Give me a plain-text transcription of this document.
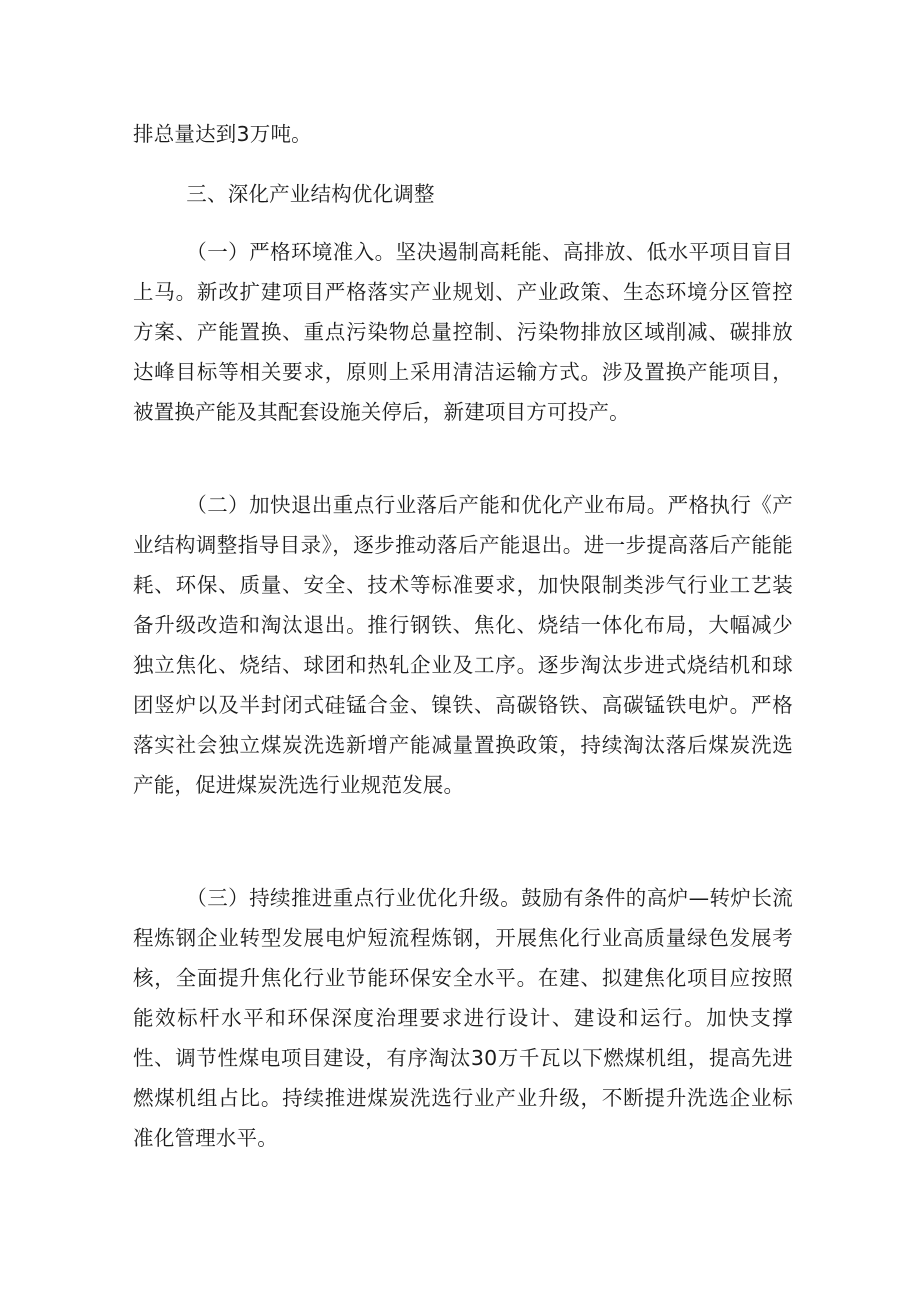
排总量达到3万吨。

三、深化产业结构优化调整

（一）严格环境准入。坚决遏制高耗能、高排放、低水平项目盲目上马。新改扩建项目严格落实产业规划、产业政策、生态环境分区管控方案、产能置换、重点污染物总量控制、污染物排放区域削减、碳排放达峰目标等相关要求，原则上采用清洁运输方式。涉及置换产能项目，被置换产能及其配套设施关停后，新建项目方可投产。

（二）加快退出重点行业落后产能和优化产业布局。严格执行《产业结构调整指导目录》，逐步推动落后产能退出。进一步提高落后产能能耗、环保、质量、安全、技术等标准要求，加快限制类涉气行业工艺装备升级改造和淘汰退出。推行钢铁、焦化、烧结一体化布局，大幅减少独立焦化、烧结、球团和热轧企业及工序。逐步淘汰步进式烧结机和球团竖炉以及半封闭式硅锰合金、镍铁、高碳铬铁、高碳锰铁电炉。严格落实社会独立煤炭洗选新增产能减量置换政策，持续淘汰落后煤炭洗选产能，促进煤炭洗选行业规范发展。

（三）持续推进重点行业优化升级。鼓励有条件的高炉—转炉长流程炼钢企业转型发展电炉短流程炼钢，开展焦化行业高质量绿色发展考核，全面提升焦化行业节能环保安全水平。在建、拟建焦化项目应按照能效标杆水平和环保深度治理要求进行设计、建设和运行。加快支撑性、调节性煤电项目建设，有序淘汰30万千瓦以下燃煤机组，提高先进燃煤机组占比。持续推进煤炭洗选行业产业升级，不断提升洗选企业标准化管理水平。
